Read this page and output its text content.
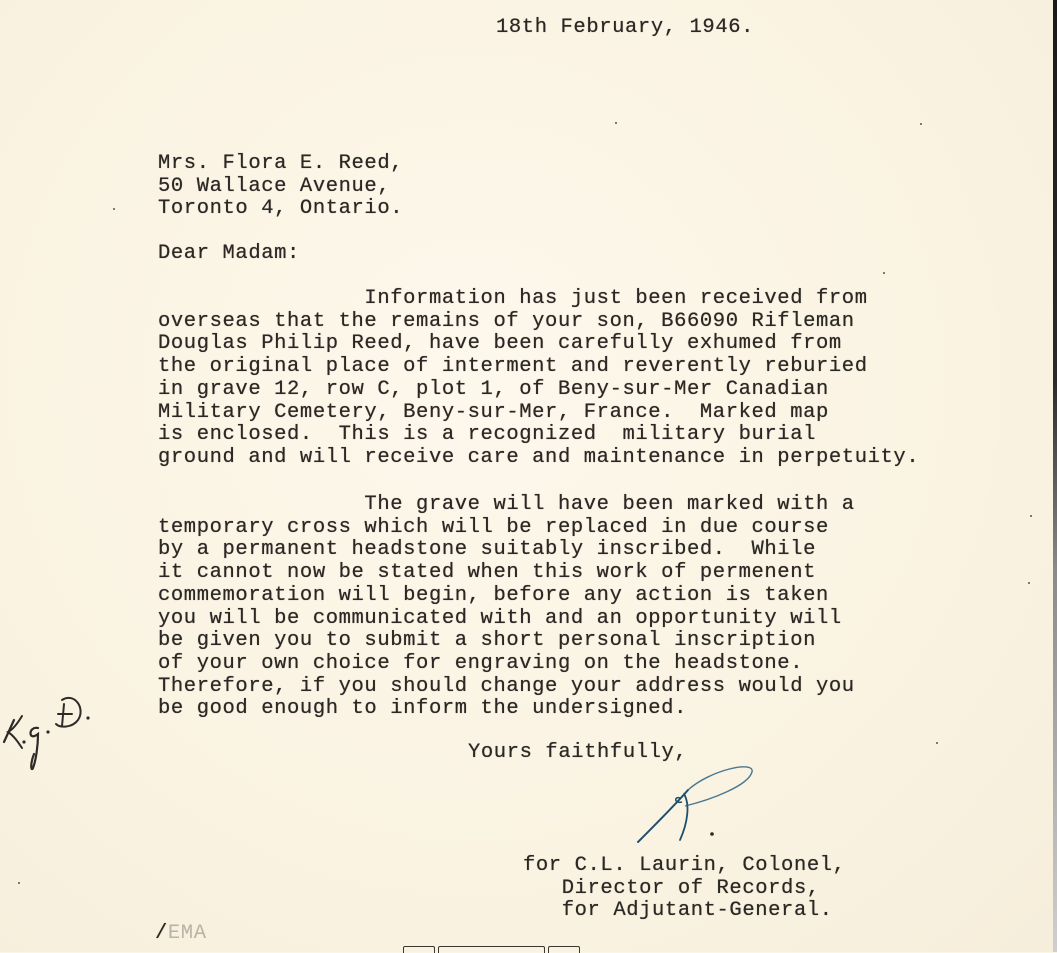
18th February, 1946.
Mrs. Flora E. Reed,
50 Wallace Avenue,
Toronto 4, Ontario.
Dear Madam:
Information has just been received from
overseas that the remains of your son, B66090 Rifleman
Douglas Philip Reed, have been carefully exhumed from
the original place of interment and reverently reburied
in grave 12, row C, plot 1, of Beny-sur-Mer Canadian
Military Cemetery, Beny-sur-Mer, France.  Marked map
is enclosed.  This is a recognized  military burial
ground and will receive care and maintenance in perpetuity.
The grave will have been marked with a
temporary cross which will be replaced in due course
by a permanent headstone suitably inscribed.  While
it cannot now be stated when this work of permenent
commemoration will begin, before any action is taken
you will be communicated with and an opportunity will
be given you to submit a short personal inscription
of your own choice for engraving on the headstone.
Therefore, if you should change your address would you
be good enough to inform the undersigned.
Yours faithfully,
for C.L. Laurin, Colonel,
Director of Records,
for Adjutant-General.
/EMA
